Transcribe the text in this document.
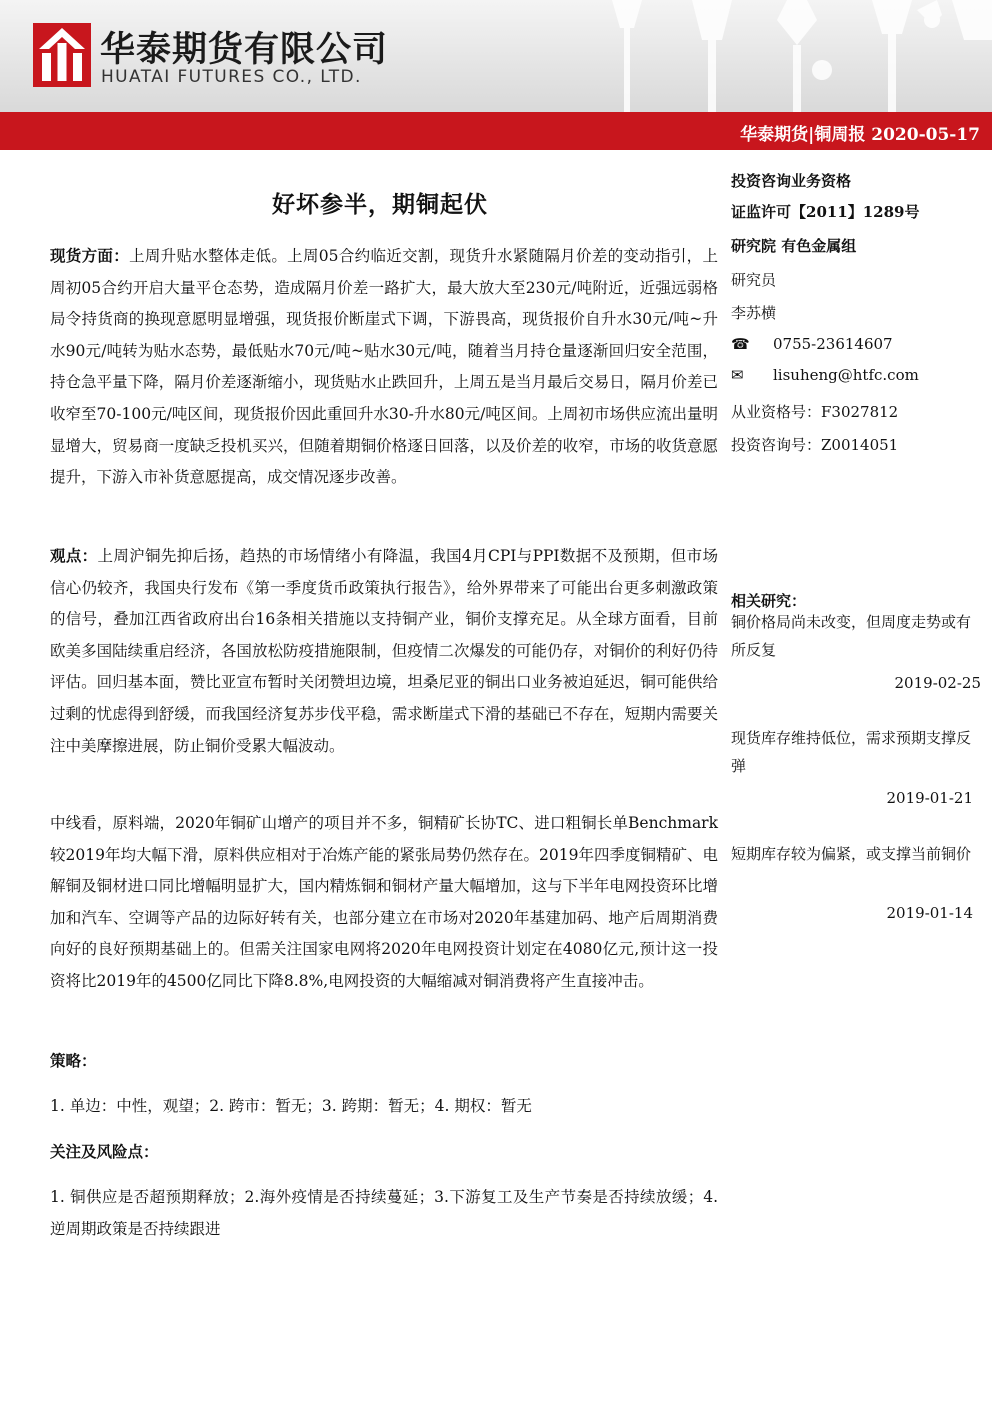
华泰期货有限公司
HUATAI FUTURES CO., LTD.
华泰期货|铜周报 2020-05-17
好坏参半，期铜起伏

现货方面：上周升贴水整体走低。上周05合约临近交割，现货升水紧随隔月价差的变动指引，上周初05合约开启大量平仓态势，造成隔月价差一路扩大，最大放大至230元/吨附近，近强远弱格局令持货商的换现意愿明显增强，现货报价断崖式下调，下游畏高，现货报价自升水30元/吨~升水90元/吨转为贴水态势，最低贴水70元/吨~贴水30元/吨，随着当月持仓量逐渐回归安全范围，持仓急平量下降，隔月价差逐渐缩小，现货贴水止跌回升，上周五是当月最后交易日，隔月价差已收窄至70-100元/吨区间，现货报价因此重回升水30-升水80元/吨区间。上周初市场供应流出量明显增大，贸易商一度缺乏投机买兴，但随着期铜价格逐日回落，以及价差的收窄，市场的收货意愿提升，下游入市补货意愿提高，成交情况逐步改善。

观点：上周沪铜先抑后扬，趋热的市场情绪小有降温，我国4月CPI与PPI数据不及预期，但市场信心仍较齐，我国央行发布《第一季度货币政策执行报告》，给外界带来了可能出台更多刺激政策的信号，叠加江西省政府出台16条相关措施以支持铜产业，铜价支撑充足。从全球方面看，目前欧美多国陆续重启经济，各国放松防疫措施限制，但疫情二次爆发的可能仍存，对铜价的利好仍待评估。回归基本面，赞比亚宣布暂时关闭赞坦边境，坦桑尼亚的铜出口业务被迫延迟，铜可能供给过剩的忧虑得到舒缓，而我国经济复苏步伐平稳，需求断崖式下滑的基础已不存在，短期内需要关注中美摩擦进展，防止铜价受累大幅波动。

中线看，原料端，2020年铜矿山增产的项目并不多，铜精矿长协TC、进口粗铜长单Benchmark较2019年均大幅下滑，原料供应相对于冶炼产能的紧张局势仍然存在。2019年四季度铜精矿、电解铜及铜材进口同比增幅明显扩大，国内精炼铜和铜材产量大幅增加，这与下半年电网投资环比增加和汽车、空调等产品的边际好转有关，也部分建立在市场对2020年基建加码、地产后周期消费向好的良好预期基础上的。但需关注国家电网将2020年电网投资计划定在4080亿元,预计这一投资将比2019年的4500亿同比下降8.8%,电网投资的大幅缩减对铜消费将产生直接冲击。

策略：
1. 单边：中性，观望；2. 跨市：暂无；3. 跨期：暂无；4. 期权：暂无
关注及风险点：

1. 铜供应是否超预期释放；2.海外疫情是否持续蔓延；3.下游复工及生产节奏是否持续放缓；4.逆周期政策是否持续跟进

投资咨询业务资格
证监许可【2011】1289号
研究院 有色金属组
研究员
李苏横
☎ 0755-23614607
✉ lisuheng@htfc.com
从业资格号：F3027812
投资咨询号：Z0014051
相关研究：
铜价格局尚未改变，但周度走势或有所反复
2019-02-25
现货库存维持低位，需求预期支撑反弹
2019-01-21
短期库存较为偏紧，或支撑当前铜价
2019-01-14
